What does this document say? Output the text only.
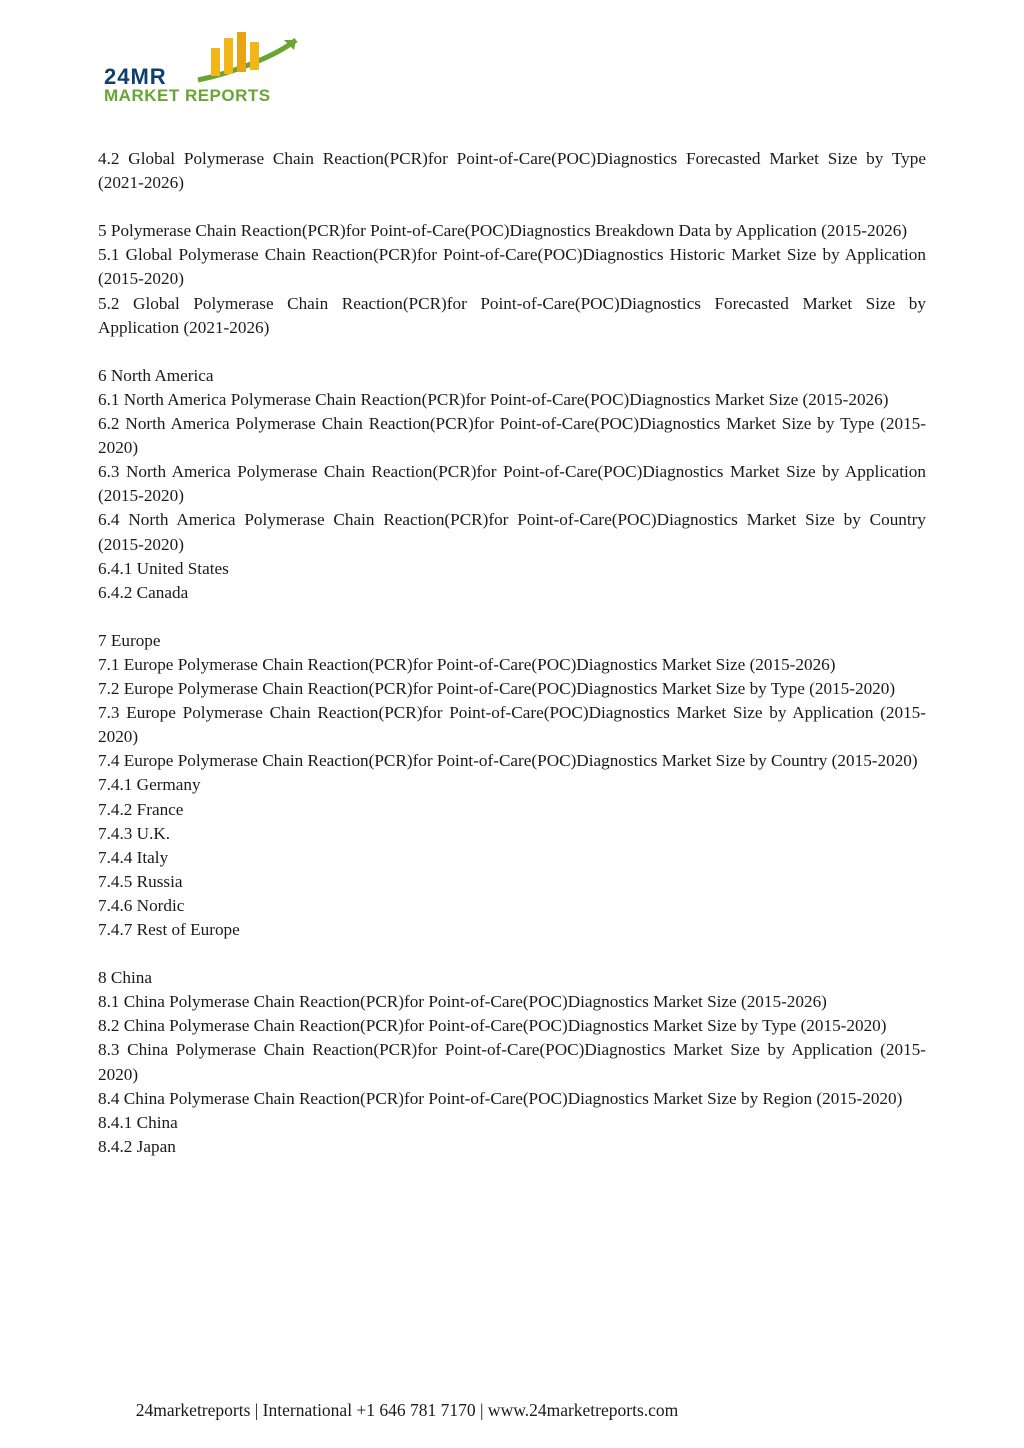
24MR
MARKET REPORTS

4.2 Global Polymerase Chain Reaction(PCR)for Point-of-Care(POC)Diagnostics Forecasted Market Size by Type (2021-2026)

5 Polymerase Chain Reaction(PCR)for Point-of-Care(POC)Diagnostics Breakdown Data by Application (2015-2026)

5.1 Global Polymerase Chain Reaction(PCR)for Point-of-Care(POC)Diagnostics Historic Market Size by Application (2015-2020)

5.2 Global Polymerase Chain Reaction(PCR)for Point-of-Care(POC)Diagnostics Forecasted Market Size by Application (2021-2026)

6 North America

6.1 North America Polymerase Chain Reaction(PCR)for Point-of-Care(POC)Diagnostics Market Size (2015-2026)

6.2 North America Polymerase Chain Reaction(PCR)for Point-of-Care(POC)Diagnostics Market Size by Type (2015-2020)

6.3 North America Polymerase Chain Reaction(PCR)for Point-of-Care(POC)Diagnostics Market Size by Application (2015-2020)

6.4 North America Polymerase Chain Reaction(PCR)for Point-of-Care(POC)Diagnostics Market Size by Country (2015-2020)

6.4.1 United States

6.4.2 Canada

7 Europe

7.1 Europe Polymerase Chain Reaction(PCR)for Point-of-Care(POC)Diagnostics Market Size (2015-2026)

7.2 Europe Polymerase Chain Reaction(PCR)for Point-of-Care(POC)Diagnostics Market Size by Type (2015-2020)

7.3 Europe Polymerase Chain Reaction(PCR)for Point-of-Care(POC)Diagnostics Market Size by Application (2015-2020)

7.4 Europe Polymerase Chain Reaction(PCR)for Point-of-Care(POC)Diagnostics Market Size by Country (2015-2020)

7.4.1 Germany

7.4.2 France

7.4.3 U.K.

7.4.4 Italy

7.4.5 Russia

7.4.6 Nordic

7.4.7 Rest of Europe

8 China

8.1 China Polymerase Chain Reaction(PCR)for Point-of-Care(POC)Diagnostics Market Size (2015-2026)

8.2 China Polymerase Chain Reaction(PCR)for Point-of-Care(POC)Diagnostics Market Size by Type (2015-2020)

8.3 China Polymerase Chain Reaction(PCR)for Point-of-Care(POC)Diagnostics Market Size by Application (2015-2020)

8.4 China Polymerase Chain Reaction(PCR)for Point-of-Care(POC)Diagnostics Market Size by Region (2015-2020)

8.4.1 China

8.4.2 Japan

24marketreports | International +1 646 781 7170 | www.24marketreports.com
